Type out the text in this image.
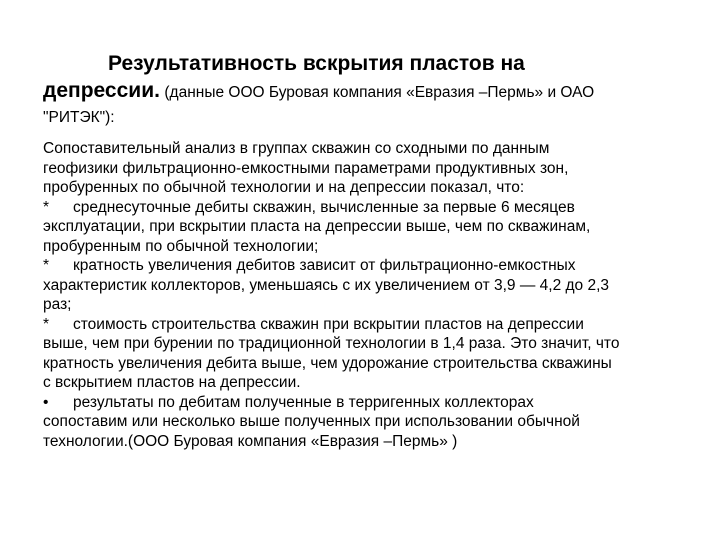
Результативность вскрытия пластов на
депрессии. (данные ООО Буровая компания «Евразия –Пермь» и ОАО
"РИТЭК"):
Сопоставительный анализ в группах скважин со сходными по данным
геофизики фильтрационно-емкостными параметрами продуктивных зон,
пробуренных по обычной технологии и на депрессии показал, что:
* среднесуточные дебиты скважин, вычисленные за первые 6 месяцев
эксплуатации, при вскрытии пласта на депрессии выше, чем по скважинам,
пробуренным по обычной технологии;
* кратность увеличения дебитов зависит от фильтрационно-емкостных
характеристик коллекторов, уменьшаясь с их увеличением от 3,9 — 4,2 до 2,3
раз;
* стоимость строительства скважин при вскрытии пластов на депрессии
выше, чем при бурении по традиционной технологии в 1,4 раза. Это значит, что
кратность увеличения дебита выше, чем удорожание строительства скважины
с вскрытием пластов на депрессии.
• результаты по дебитам полученные в терригенных коллекторах
сопоставим или несколько выше полученных при использовании обычной
технологии.(ООО Буровая компания «Евразия –Пермь» )
